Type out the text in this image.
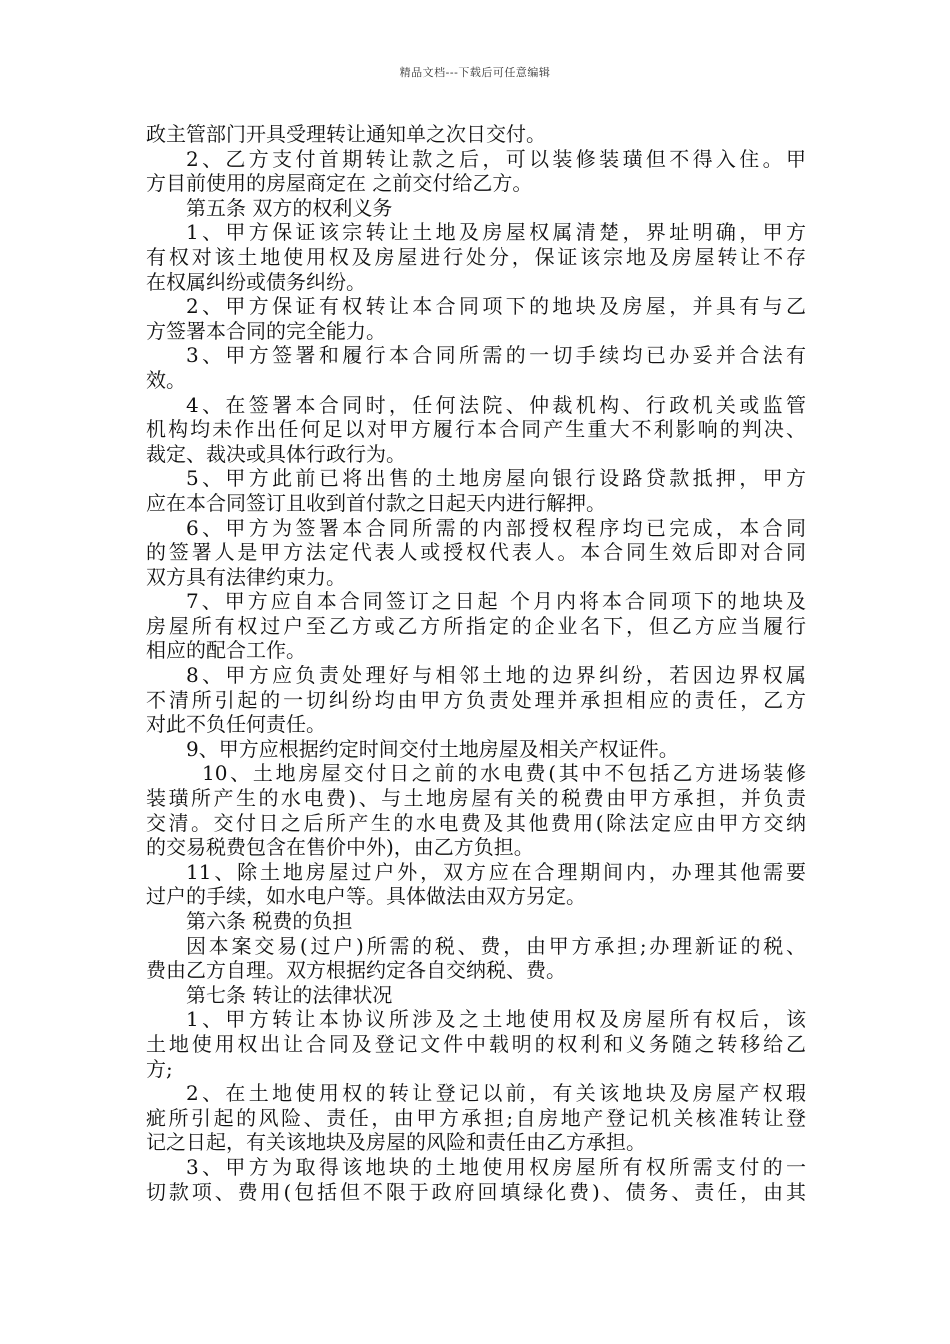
精品文档---下载后可任意编辑
政主管部门开具受理转让通知单之次日交付。
2、乙方支付首期转让款之后，可以装修装璜但不得入住。甲
方目前使用的房屋商定在 之前交付给乙方。
第五条 双方的权利义务
1、甲方保证该宗转让土地及房屋权属清楚，界址明确，甲方
有权对该土地使用权及房屋进行处分，保证该宗地及房屋转让不存
在权属纠纷或债务纠纷。
2、甲方保证有权转让本合同项下的地块及房屋，并具有与乙
方签署本合同的完全能力。
3、甲方签署和履行本合同所需的一切手续均已办妥并合法有
效。
4、在签署本合同时，任何法院、仲裁机构、行政机关或监管
机构均未作出任何足以对甲方履行本合同产生重大不利影响的判决、
裁定、裁决或具体行政行为。
5、甲方此前已将出售的土地房屋向银行设路贷款抵押，甲方
应在本合同签订且收到首付款之日起天内进行解押。
6、甲方为签署本合同所需的内部授权程序均已完成，本合同
的签署人是甲方法定代表人或授权代表人。本合同生效后即对合同
双方具有法律约束力。
7、甲方应自本合同签订之日起 个月内将本合同项下的地块及
房屋所有权过户至乙方或乙方所指定的企业名下，但乙方应当履行
相应的配合工作。
8、甲方应负责处理好与相邻土地的边界纠纷，若因边界权属
不清所引起的一切纠纷均由甲方负责处理并承担相应的责任，乙方
对此不负任何责任。
9、甲方应根据约定时间交付土地房屋及相关产权证件。
10、土地房屋交付日之前的水电费(其中不包括乙方进场装修
装璜所产生的水电费)、与土地房屋有关的税费由甲方承担，并负责
交清。交付日之后所产生的水电费及其他费用(除法定应由甲方交纳
的交易税费包含在售价中外)，由乙方负担。
11、除土地房屋过户外，双方应在合理期间内，办理其他需要
过户的手续，如水电户等。具体做法由双方另定。
第六条 税费的负担
因本案交易(过户)所需的税、费，由甲方承担;办理新证的税、
费由乙方自理。双方根据约定各自交纳税、费。
第七条 转让的法律状况
1、甲方转让本协议所涉及之土地使用权及房屋所有权后，该
土地使用权出让合同及登记文件中载明的权利和义务随之转移给乙
方;
2、在土地使用权的转让登记以前，有关该地块及房屋产权瑕
疵所引起的风险、责任，由甲方承担;自房地产登记机关核准转让登
记之日起，有关该地块及房屋的风险和责任由乙方承担。
3、甲方为取得该地块的土地使用权房屋所有权所需支付的一
切款项、费用(包括但不限于政府回填绿化费)、债务、责任，由其
